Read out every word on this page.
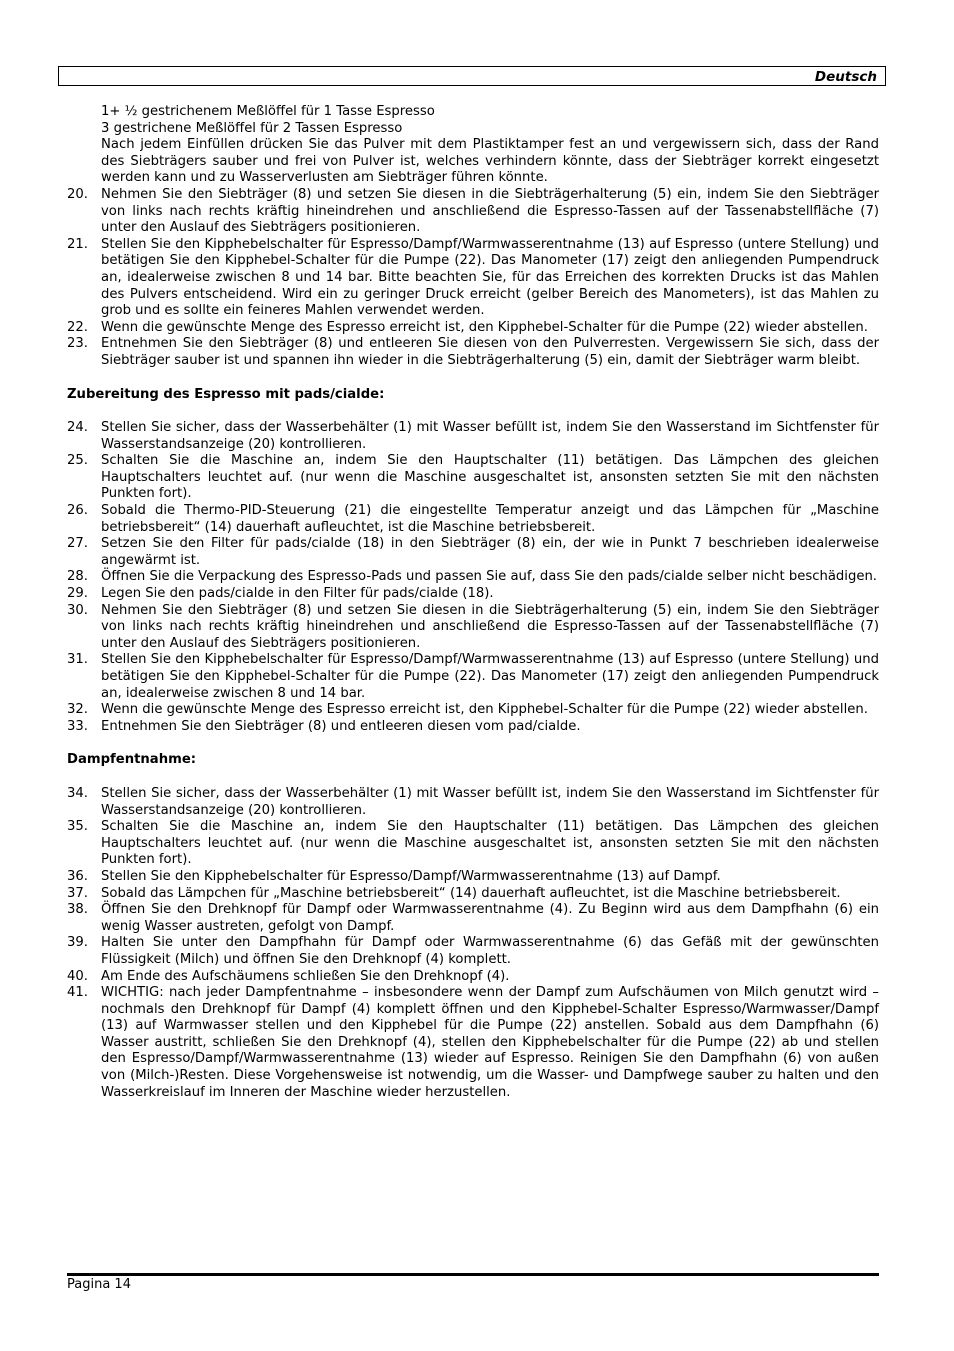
Deutsch
1+ ½ gestrichenem Meßlöffel für 1 Tasse Espresso
3 gestrichene Meßlöffel für 2 Tassen Espresso
Nach jedem Einfüllen drücken Sie das Pulver mit dem Plastiktamper fest an und vergewissern sich, dass der Rand des Siebträgers sauber und frei von Pulver ist, welches verhindern könnte, dass der Siebträger korrekt eingesetzt werden kann und zu Wasserverlusten am Siebträger führen könnte.
20. Nehmen Sie den Siebträger (8) und setzen Sie diesen in die Siebträgerhalterung (5) ein, indem Sie den Siebträger von links nach rechts kräftig hineindrehen und anschließend die Espresso-Tassen auf der Tassenabstellfläche (7) unter den Auslauf des Siebträgers positionieren.
21. Stellen Sie den Kipphebelschalter für Espresso/Dampf/Warmwasserentnahme (13) auf Espresso (untere Stellung) und betätigen Sie den Kipphebel-Schalter für die Pumpe (22). Das Manometer (17) zeigt den anliegenden Pumpendruck an, idealerweise zwischen 8 und 14 bar. Bitte beachten Sie, für das Erreichen des korrekten Drucks ist das Mahlen des Pulvers entscheidend. Wird ein zu geringer Druck erreicht (gelber Bereich des Manometers), ist das Mahlen zu grob und es sollte ein feineres Mahlen verwendet werden.
22. Wenn die gewünschte Menge des Espresso erreicht ist, den Kipphebel-Schalter für die Pumpe (22) wieder abstellen.
23. Entnehmen Sie den Siebträger (8) und entleeren Sie diesen von den Pulverresten. Vergewissern Sie sich, dass der Siebträger sauber ist und spannen ihn wieder in die Siebträgerhalterung (5) ein, damit der Siebträger warm bleibt.
Zubereitung des Espresso mit pads/cialde:
24. Stellen Sie sicher, dass der Wasserbehälter (1) mit Wasser befüllt ist, indem Sie den Wasserstand im Sichtfenster für Wasserstandsanzeige (20) kontrollieren.
25. Schalten Sie die Maschine an, indem Sie den Hauptschalter (11) betätigen. Das Lämpchen des gleichen Hauptschalters leuchtet auf. (nur wenn die Maschine ausgeschaltet ist, ansonsten setzten Sie mit den nächsten Punkten fort).
26. Sobald die Thermo-PID-Steuerung (21) die eingestellte Temperatur anzeigt und das Lämpchen für „Maschine betriebsbereit“ (14) dauerhaft aufleuchtet, ist die Maschine betriebsbereit.
27. Setzen Sie den Filter für pads/cialde (18) in den Siebträger (8) ein, der wie in Punkt 7 beschrieben idealerweise angewärmt ist.
28. Öffnen Sie die Verpackung des Espresso-Pads und passen Sie auf, dass Sie den pads/cialde selber nicht beschädigen.
29. Legen Sie den pads/cialde in den Filter für pads/cialde (18).
30. Nehmen Sie den Siebträger (8) und setzen Sie diesen in die Siebträgerhalterung (5) ein, indem Sie den Siebträger von links nach rechts kräftig hineindrehen und anschließend die Espresso-Tassen auf der Tassenabstellfläche (7) unter den Auslauf des Siebträgers positionieren.
31. Stellen Sie den Kipphebelschalter für Espresso/Dampf/Warmwasserentnahme (13) auf Espresso (untere Stellung) und betätigen Sie den Kipphebel-Schalter für die Pumpe (22). Das Manometer (17) zeigt den anliegenden Pumpendruck an, idealerweise zwischen 8 und 14 bar.
32. Wenn die gewünschte Menge des Espresso erreicht ist, den Kipphebel-Schalter für die Pumpe (22) wieder abstellen.
33. Entnehmen Sie den Siebträger (8) und entleeren diesen vom pad/cialde.
Dampfentnahme:
34. Stellen Sie sicher, dass der Wasserbehälter (1) mit Wasser befüllt ist, indem Sie den Wasserstand im Sichtfenster für Wasserstandsanzeige (20) kontrollieren.
35. Schalten Sie die Maschine an, indem Sie den Hauptschalter (11) betätigen. Das Lämpchen des gleichen Hauptschalters leuchtet auf. (nur wenn die Maschine ausgeschaltet ist, ansonsten setzten Sie mit den nächsten Punkten fort).
36. Stellen Sie den Kipphebelschalter für Espresso/Dampf/Warmwasserentnahme (13) auf Dampf.
37. Sobald das Lämpchen für „Maschine betriebsbereit“ (14) dauerhaft aufleuchtet, ist die Maschine betriebsbereit.
38. Öffnen Sie den Drehknopf für Dampf oder Warmwasserentnahme (4). Zu Beginn wird aus dem Dampfhahn (6) ein wenig Wasser austreten, gefolgt von Dampf.
39. Halten Sie unter den Dampfhahn für Dampf oder Warmwasserentnahme (6) das Gefäß mit der gewünschten Flüssigkeit (Milch) und öffnen Sie den Drehknopf (4) komplett.
40. Am Ende des Aufschäumens schließen Sie den Drehknopf (4).
41. WICHTIG: nach jeder Dampfentnahme – insbesondere wenn der Dampf zum Aufschäumen von Milch genutzt wird – nochmals den Drehknopf für Dampf (4) komplett öffnen und den Kipphebel-Schalter Espresso/Warmwasser/Dampf (13) auf Warmwasser stellen und den Kipphebel für die Pumpe (22) anstellen. Sobald aus dem Dampfhahn (6) Wasser austritt, schließen Sie den Drehknopf (4), stellen den Kipphebelschalter für die Pumpe (22) ab und stellen den Espresso/Dampf/Warmwasserentnahme (13) wieder auf Espresso. Reinigen Sie den Dampfhahn (6) von außen von (Milch-)Resten. Diese Vorgehensweise ist notwendig, um die Wasser- und Dampfwege sauber zu halten und den Wasserkreislauf im Inneren der Maschine wieder herzustellen.
Pagina 14
